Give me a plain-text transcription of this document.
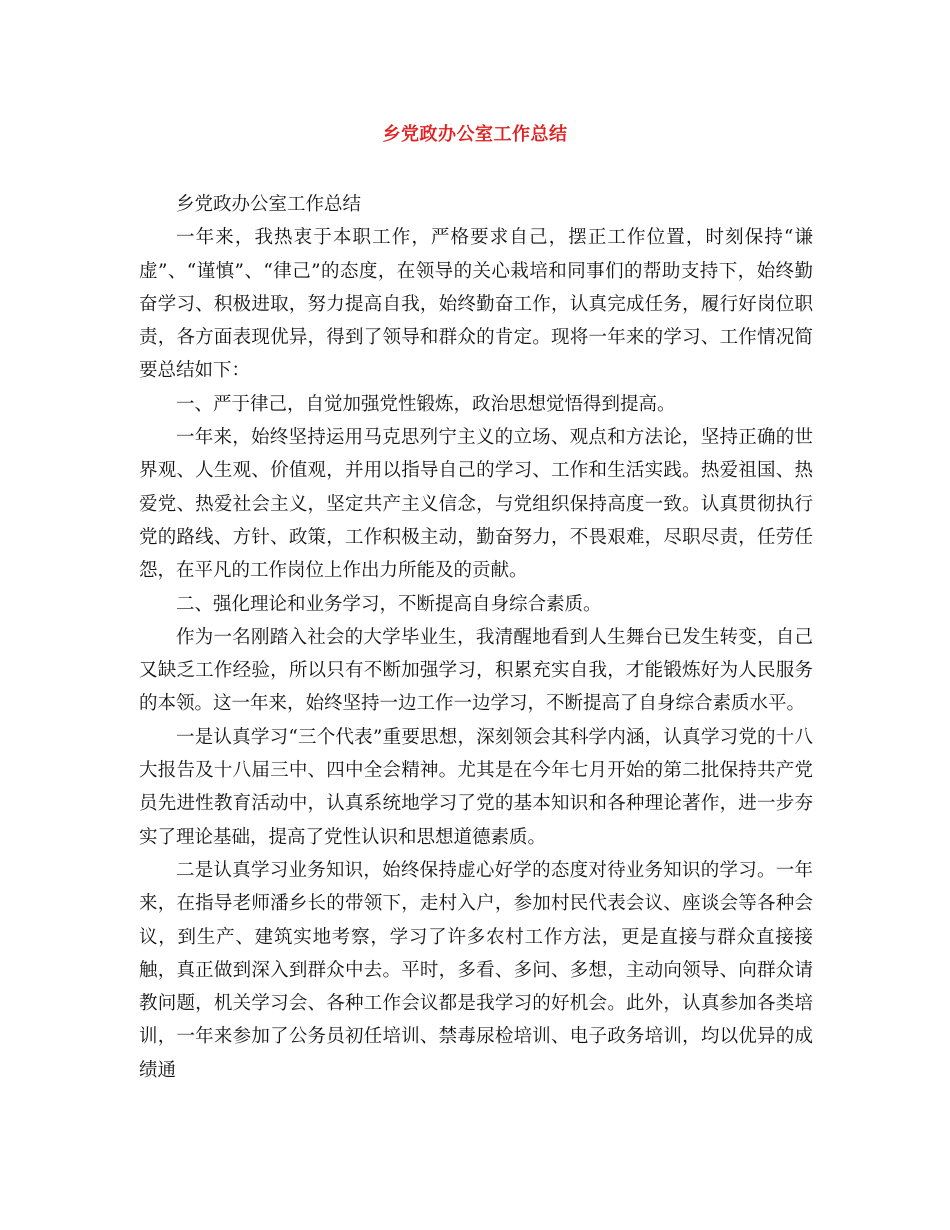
乡党政办公室工作总结

乡党政办公室工作总结

一年来，我热衷于本职工作，严格要求自己，摆正工作位置，时刻保持“谦虚”、“谨慎”、“律己”的态度，在领导的关心栽培和同事们的帮助支持下，始终勤奋学习、积极进取，努力提高自我，始终勤奋工作，认真完成任务，履行好岗位职责，各方面表现优异，得到了领导和群众的肯定。现将一年来的学习、工作情况简要总结如下：

一、严于律己，自觉加强党性锻炼，政治思想觉悟得到提高。

一年来，始终坚持运用马克思列宁主义的立场、观点和方法论，坚持正确的世界观、人生观、价值观，并用以指导自己的学习、工作和生活实践。热爱祖国、热爱党、热爱社会主义，坚定共产主义信念，与党组织保持高度一致。认真贯彻执行党的路线、方针、政策，工作积极主动，勤奋努力，不畏艰难，尽职尽责，任劳任怨，在平凡的工作岗位上作出力所能及的贡献。

二、强化理论和业务学习，不断提高自身综合素质。

作为一名刚踏入社会的大学毕业生，我清醒地看到人生舞台已发生转变，自己又缺乏工作经验，所以只有不断加强学习，积累充实自我，才能锻炼好为人民服务的本领。这一年来，始终坚持一边工作一边学习，不断提高了自身综合素质水平。

一是认真学习“三个代表”重要思想，深刻领会其科学内涵，认真学习党的十八大报告及十八届三中、四中全会精神。尤其是在今年七月开始的第二批保持共产党员先进性教育活动中，认真系统地学习了党的基本知识和各种理论著作，进一步夯实了理论基础，提高了党性认识和思想道德素质。

二是认真学习业务知识，始终保持虚心好学的态度对待业务知识的学习。一年来，在指导老师潘乡长的带领下，走村入户，参加村民代表会议、座谈会等各种会议，到生产、建筑实地考察，学习了许多农村工作方法，更是直接与群众直接接触，真正做到深入到群众中去。平时，多看、多问、多想，主动向领导、向群众请教问题，机关学习会、各种工作会议都是我学习的好机会。此外，认真参加各类培训，一年来参加了公务员初任培训、禁毒尿检培训、电子政务培训，均以优异的成绩通
